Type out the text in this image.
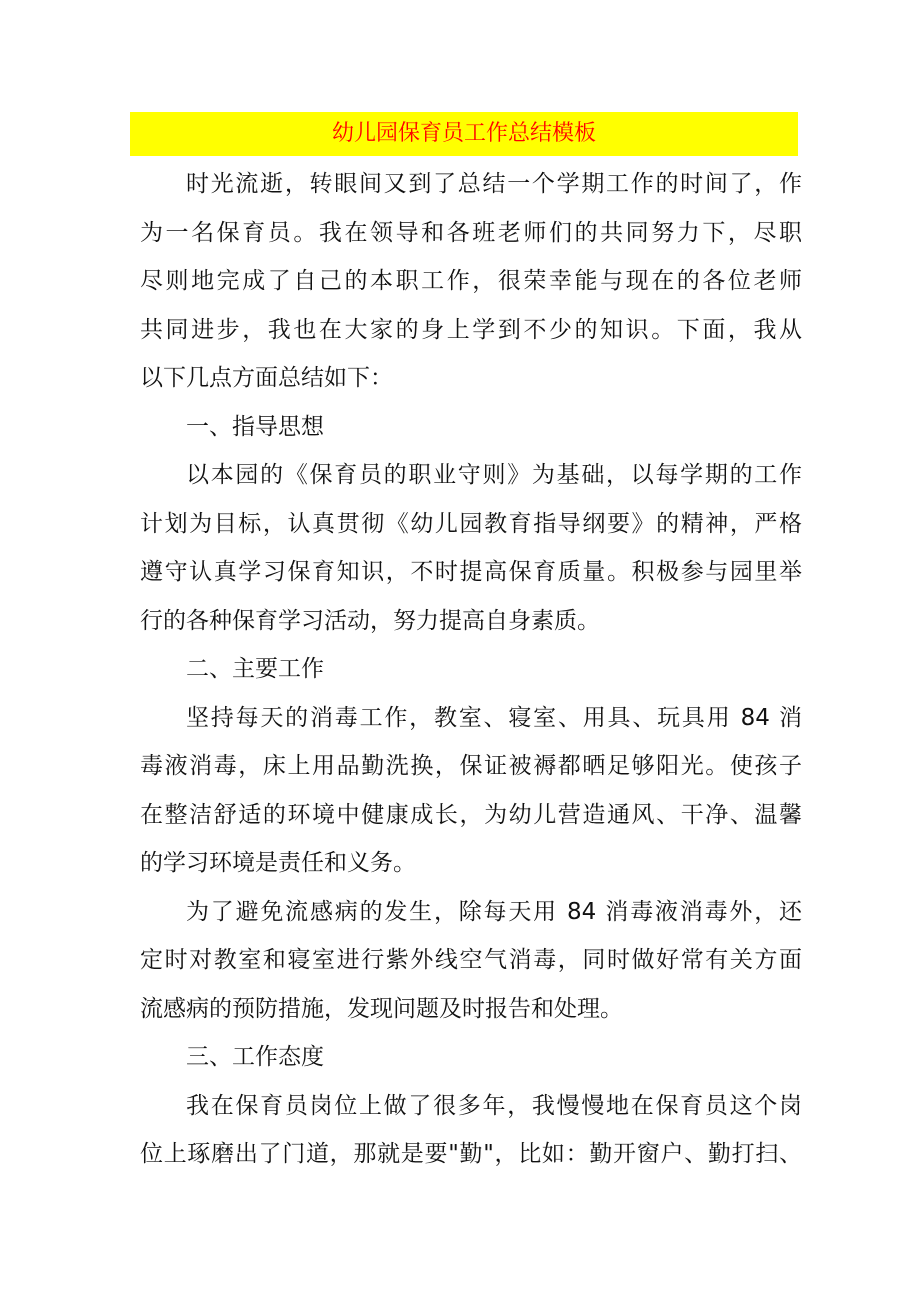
幼儿园保育员工作总结模板
时光流逝，转眼间又到了总结一个学期工作的时间了，作
为一名保育员。我在领导和各班老师们的共同努力下，尽职
尽则地完成了自己的本职工作，很荣幸能与现在的各位老师
共同进步，我也在大家的身上学到不少的知识。下面，我从
以下几点方面总结如下：
一、指导思想
以本园的《保育员的职业守则》为基础，以每学期的工作
计划为目标，认真贯彻《幼儿园教育指导纲要》的精神，严格
遵守认真学习保育知识，不时提高保育质量。积极参与园里举
行的各种保育学习活动，努力提高自身素质。
二、主要工作
坚持每天的消毒工作，教室、寝室、用具、玩具用 84 消
毒液消毒，床上用品勤洗换，保证被褥都晒足够阳光。使孩子
在整洁舒适的环境中健康成长，为幼儿营造通风、干净、温馨
的学习环境是责任和义务。
为了避免流感病的发生，除每天用 84 消毒液消毒外，还
定时对教室和寝室进行紫外线空气消毒，同时做好常有关方面
流感病的预防措施，发现问题及时报告和处理。
三、工作态度
我在保育员岗位上做了很多年，我慢慢地在保育员这个岗
位上琢磨出了门道，那就是要"勤"，比如：勤开窗户、勤打扫、
